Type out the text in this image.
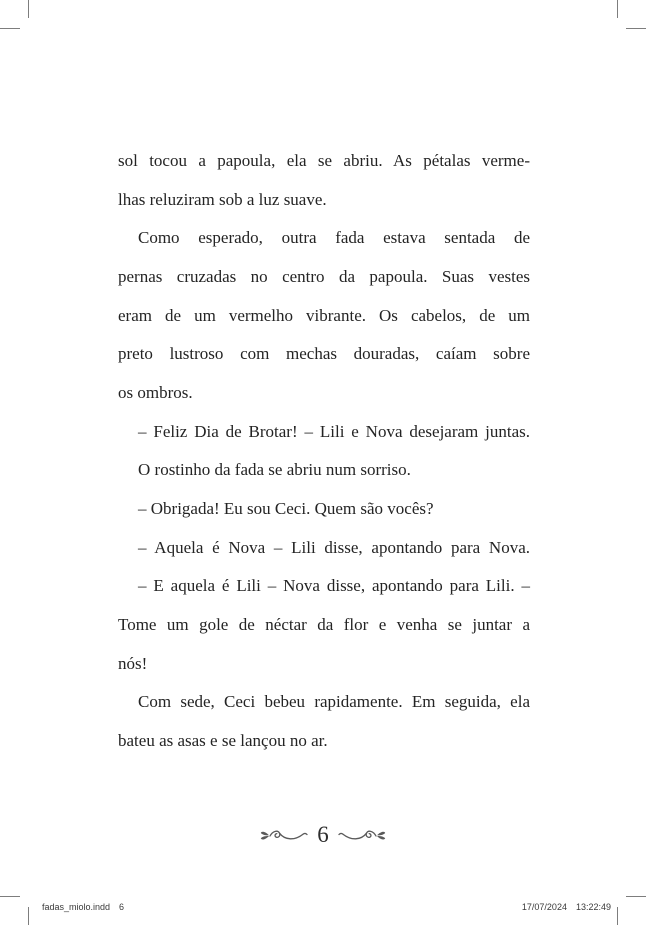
sol tocou a papoula, ela se abriu. As pétalas verme-
lhas reluziram sob a luz suave.
Como esperado, outra fada estava sentada de
pernas cruzadas no centro da papoula. Suas vestes
eram de um vermelho vibrante. Os cabelos, de um
preto lustroso com mechas douradas, caíam sobre
os ombros.
– Feliz Dia de Brotar! – Lili e Nova desejaram juntas.
O rostinho da fada se abriu num sorriso.
– Obrigada! Eu sou Ceci. Quem são vocês?
– Aquela é Nova – Lili disse, apontando para Nova.
– E aquela é Lili – Nova disse, apontando para Lili. –
Tome um gole de néctar da flor e venha se juntar a
nós!
Com sede, Ceci bebeu rapidamente. Em seguida, ela
bateu as asas e se lançou no ar.
6
fadas_miolo.indd 6	17/07/2024 13:22:49
